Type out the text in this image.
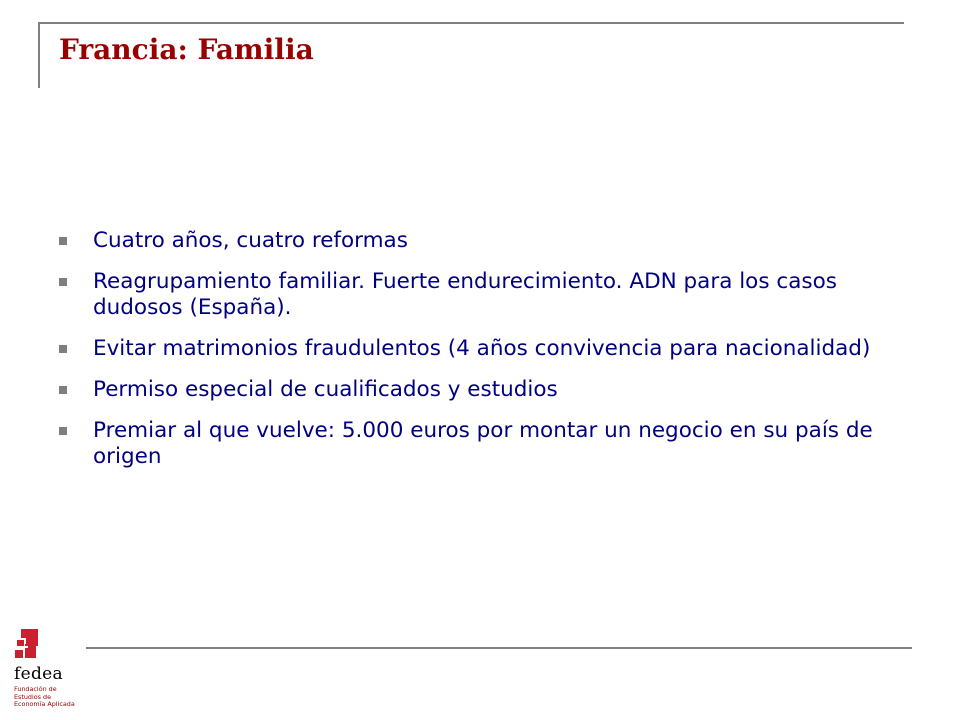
Francia: Familia
Cuatro años, cuatro reformas
Reagrupamiento familiar. Fuerte endurecimiento. ADN para los casos dudosos (España).
Evitar matrimonios fraudulentos (4 años convivencia para nacionalidad)
Permiso especial de cualificados y estudios
Premiar al que vuelve: 5.000 euros por montar un negocio en su país de origen
fedea
Fundación de
Estudios de
Economía Aplicada
